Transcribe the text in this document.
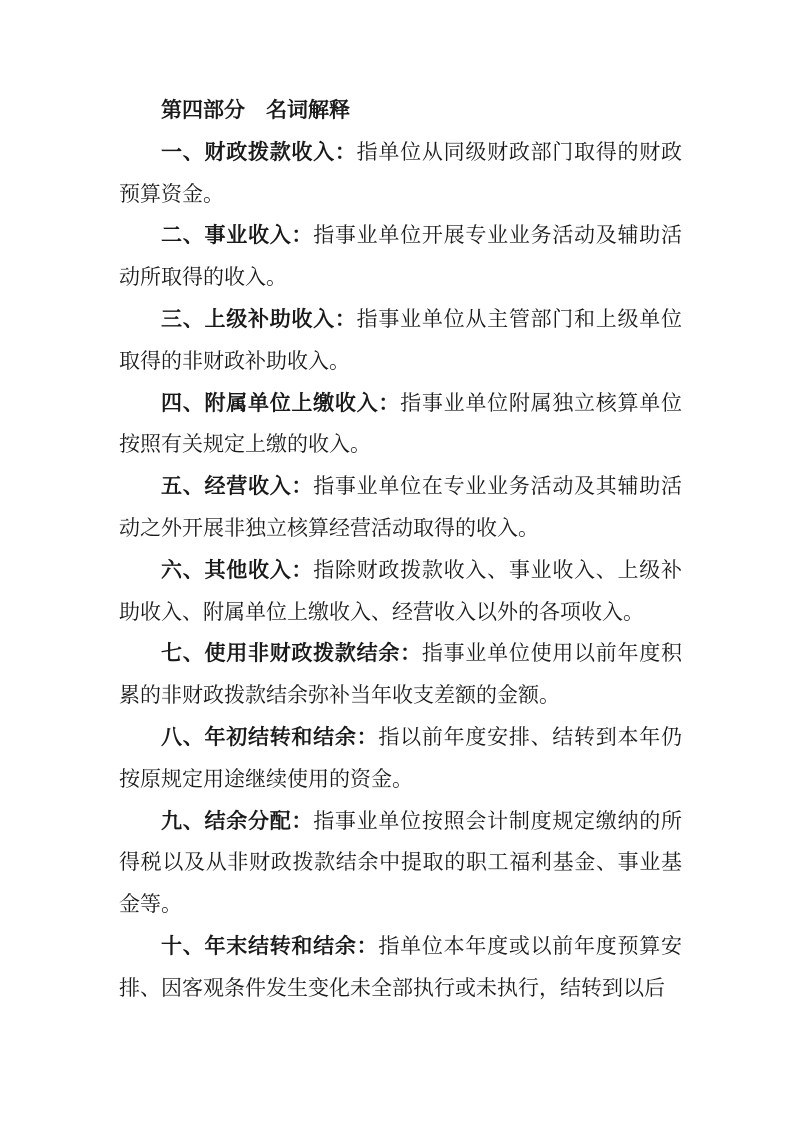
第四部分　名词解释

一、财政拨款收入：指单位从同级财政部门取得的财政预算资金。

二、事业收入：指事业单位开展专业业务活动及辅助活动所取得的收入。

三、上级补助收入：指事业单位从主管部门和上级单位取得的非财政补助收入。

四、附属单位上缴收入：指事业单位附属独立核算单位按照有关规定上缴的收入。

五、经营收入：指事业单位在专业业务活动及其辅助活动之外开展非独立核算经营活动取得的收入。

六、其他收入：指除财政拨款收入、事业收入、上级补助收入、附属单位上缴收入、经营收入以外的各项收入。

七、使用非财政拨款结余：指事业单位使用以前年度积累的非财政拨款结余弥补当年收支差额的金额。

八、年初结转和结余：指以前年度安排、结转到本年仍按原规定用途继续使用的资金。

九、结余分配：指事业单位按照会计制度规定缴纳的所得税以及从非财政拨款结余中提取的职工福利基金、事业基金等。

十、年末结转和结余：指单位本年度或以前年度预算安排、因客观条件发生变化未全部执行或未执行，结转到以后
